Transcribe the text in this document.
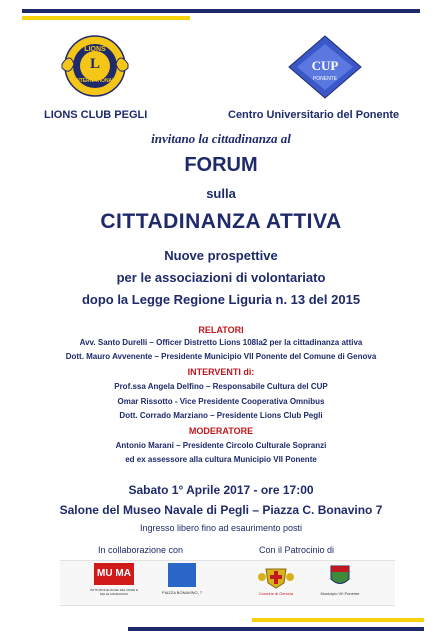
LIONS
L
INTERNATIONAL
CUP
PONENTE
LIONS CLUB PEGLI	Centro Universitario del Ponente
invitano la cittadinanza al
FORUM
sulla
CITTADINANZA ATTIVA
Nuove prospettive
per le associazioni di volontariato
dopo la Legge Regione Liguria n. 13 del 2015
RELATORI
Avv. Santo Durelli – Officer Distretto Lions 108Ia2 per la cittadinanza attiva
Dott. Mauro Avvenente – Presidente Municipio VII Ponente del Comune di Genova
INTERVENTI di:
Prof.ssa Angela Delfino – Responsabile Cultura del CUP
Omar Rissotto - Vice Presidente Cooperativa Omnibus
Dott. Corrado Marziano – Presidente Lions Club Pegli
MODERATORE
Antonio Marani – Presidente Circolo Culturale Sopranzi
ed ex assessore alla cultura Municipio VII Ponente
Sabato 1° Aprile 2017 - ore 17:00
Salone del Museo Navale di Pegli – Piazza C. Bonavino 7
Ingresso libero fino ad esaurimento posti
In collaborazione con	Con il Patrocinio di
MU MA
ISTITUZIONE MUSEI DEL MARE E DELLE MIGRAZIONI	PIAZZA BONAVINO, 7	Comune di Genova	Municipio VII Ponente
